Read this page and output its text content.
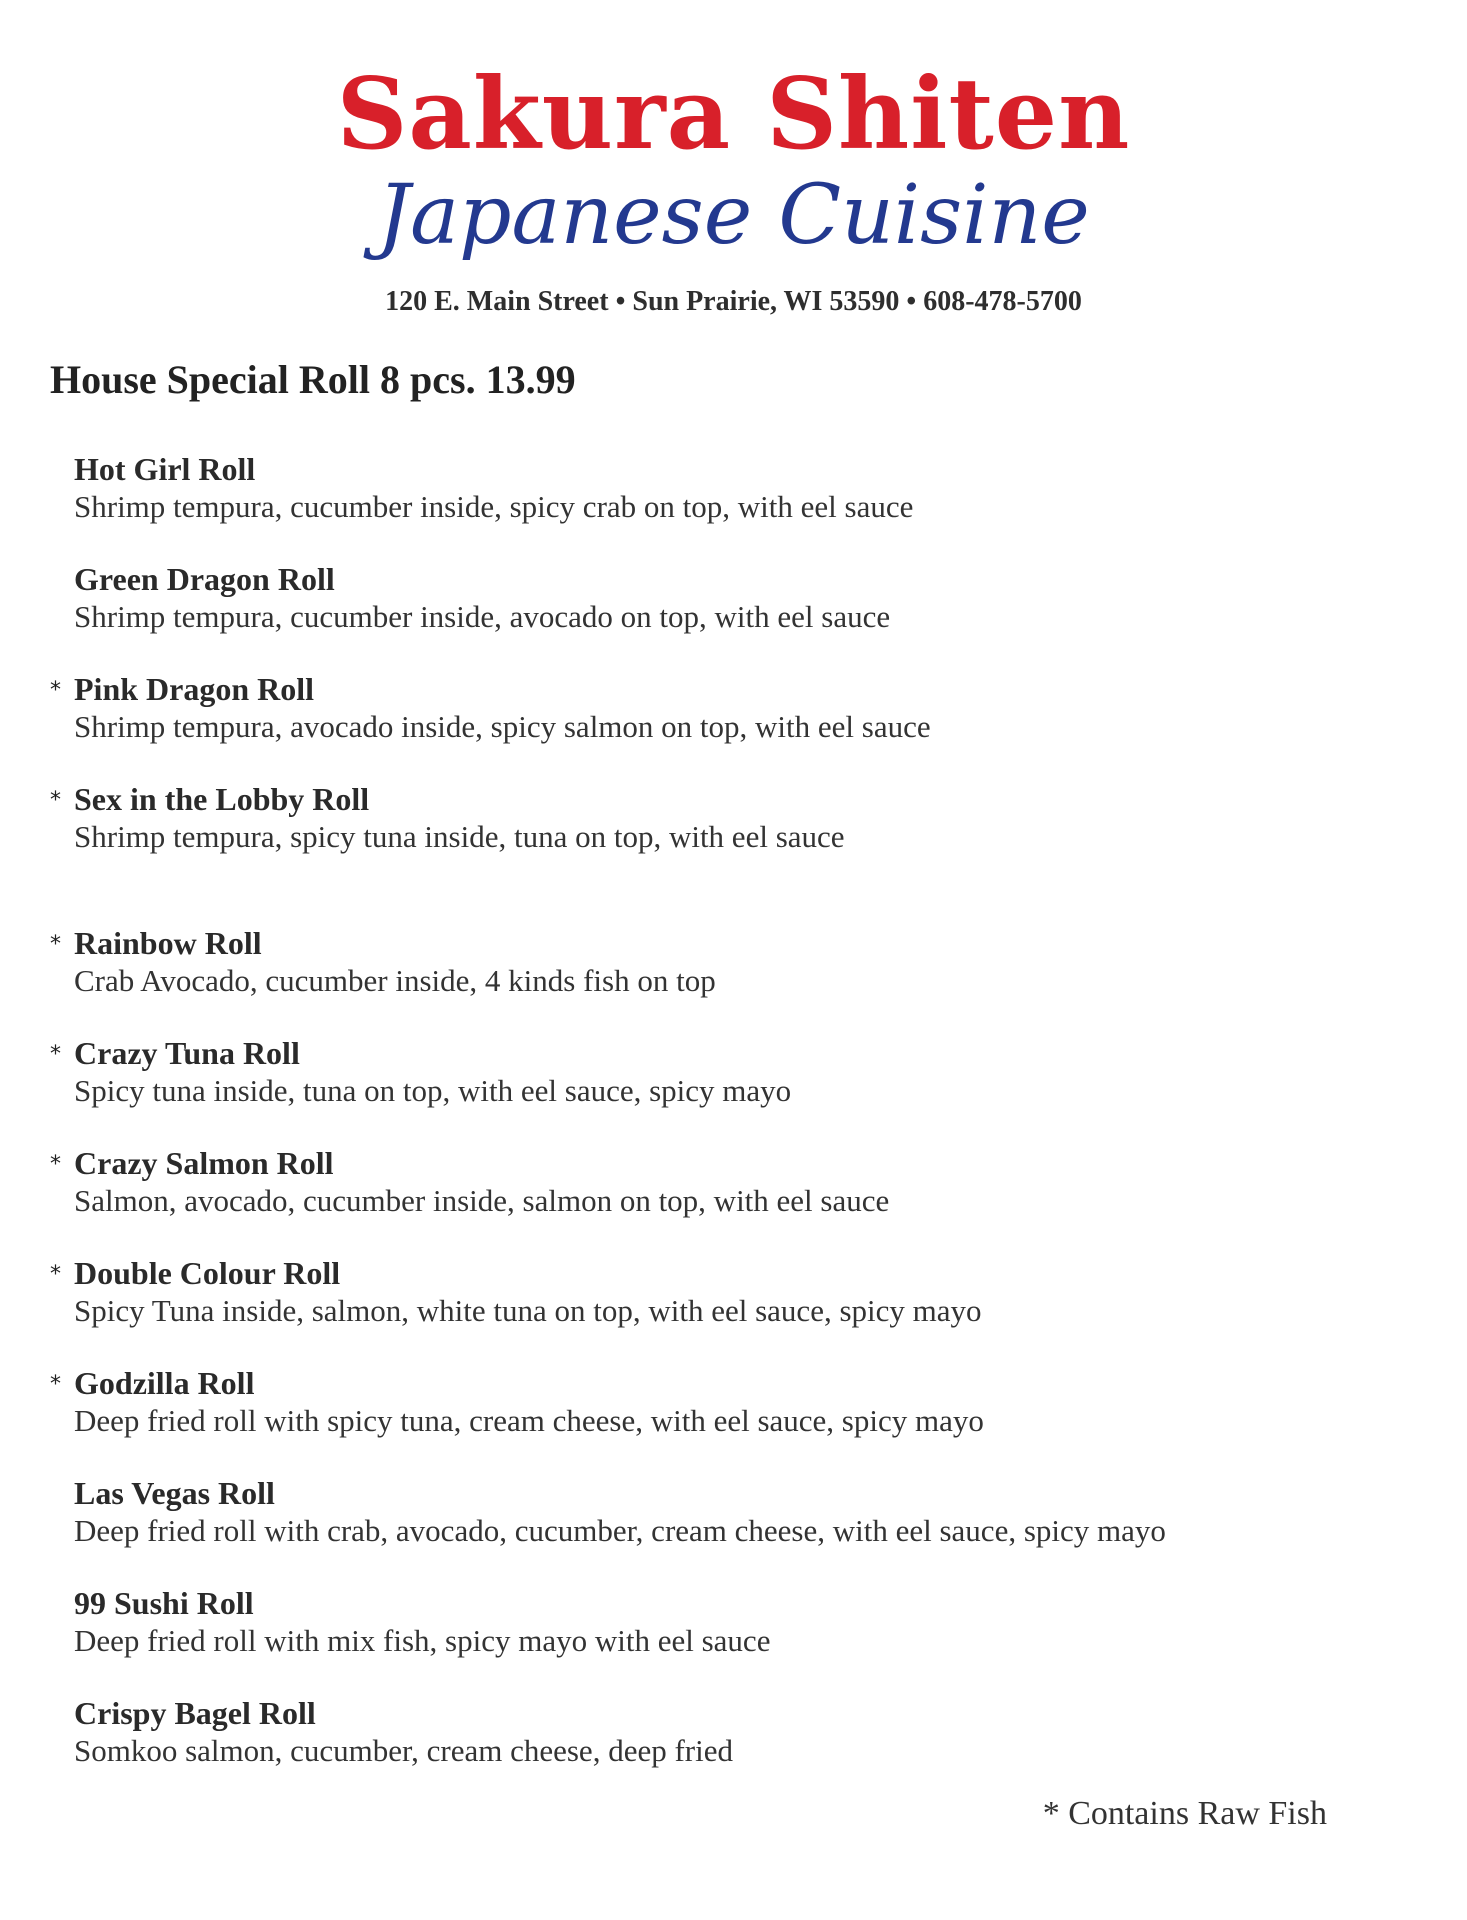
Sakura Shiten
Japanese Cuisine
120 E. Main Street • Sun Prairie, WI 53590 • 608-478-5700
House Special Roll 8 pcs. 13.99
Hot Girl Roll
Shrimp tempura, cucumber inside, spicy crab on top, with eel sauce
Green Dragon Roll
Shrimp tempura, cucumber inside, avocado on top, with eel sauce
* Pink Dragon Roll
Shrimp tempura, avocado inside, spicy salmon on top, with eel sauce
* Sex in the Lobby Roll
Shrimp tempura, spicy tuna inside, tuna on top, with eel sauce
* Rainbow Roll
Crab Avocado, cucumber inside, 4 kinds fish on top
* Crazy Tuna Roll
Spicy tuna inside, tuna on top, with eel sauce, spicy mayo
* Crazy Salmon Roll
Salmon, avocado, cucumber inside, salmon on top, with eel sauce
* Double Colour Roll
Spicy Tuna inside, salmon, white tuna on top, with eel sauce, spicy mayo
* Godzilla Roll
Deep fried roll with spicy tuna, cream cheese, with eel sauce, spicy mayo
Las Vegas Roll
Deep fried roll with crab, avocado, cucumber, cream cheese, with eel sauce, spicy mayo
99 Sushi Roll
Deep fried roll with mix fish, spicy mayo with eel sauce
Crispy Bagel Roll
Somkoo salmon, cucumber, cream cheese, deep fried
* Contains Raw Fish
